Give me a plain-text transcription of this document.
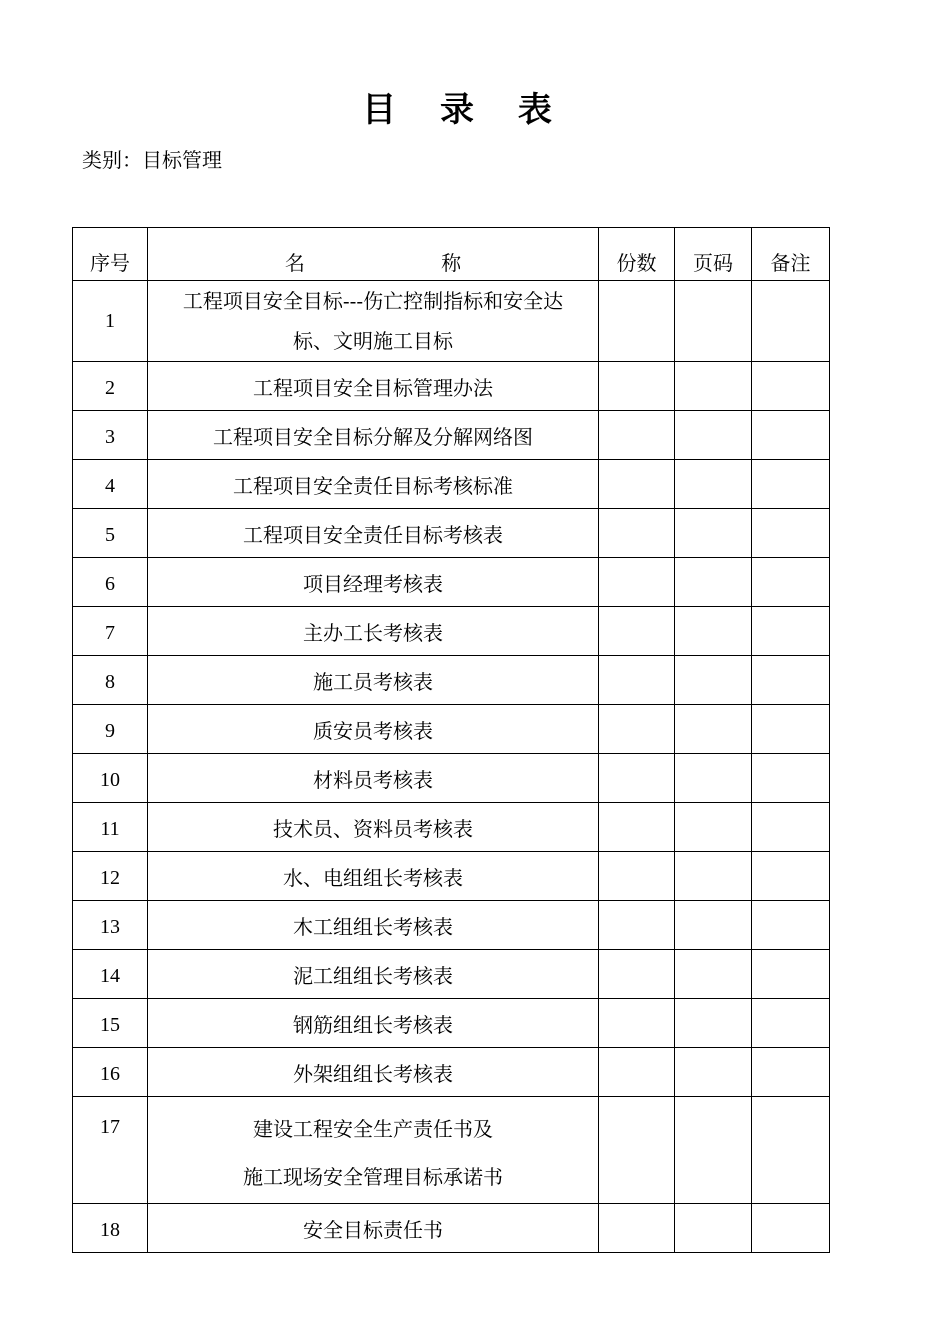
目 录 表
类别：目标管理
序号	名 称	份数	页码	备注
1	工程项目安全目标---伤亡控制指标和安全达
标、文明施工目标			

2	工程项目安全目标管理办法			
3	工程项目安全目标分解及分解网络图			
4	工程项目安全责任目标考核标准			
5	工程项目安全责任目标考核表			
6	项目经理考核表			
7	主办工长考核表			
8	施工员考核表			
9	质安员考核表			
10	材料员考核表			
11	技术员、资料员考核表			
12	水、电组组长考核表			
13	木工组组长考核表			
14	泥工组组长考核表			
15	钢筋组组长考核表			
16	外架组组长考核表			
17	建设工程安全生产责任书及
施工现场安全管理目标承诺书			

18	安全目标责任书			
